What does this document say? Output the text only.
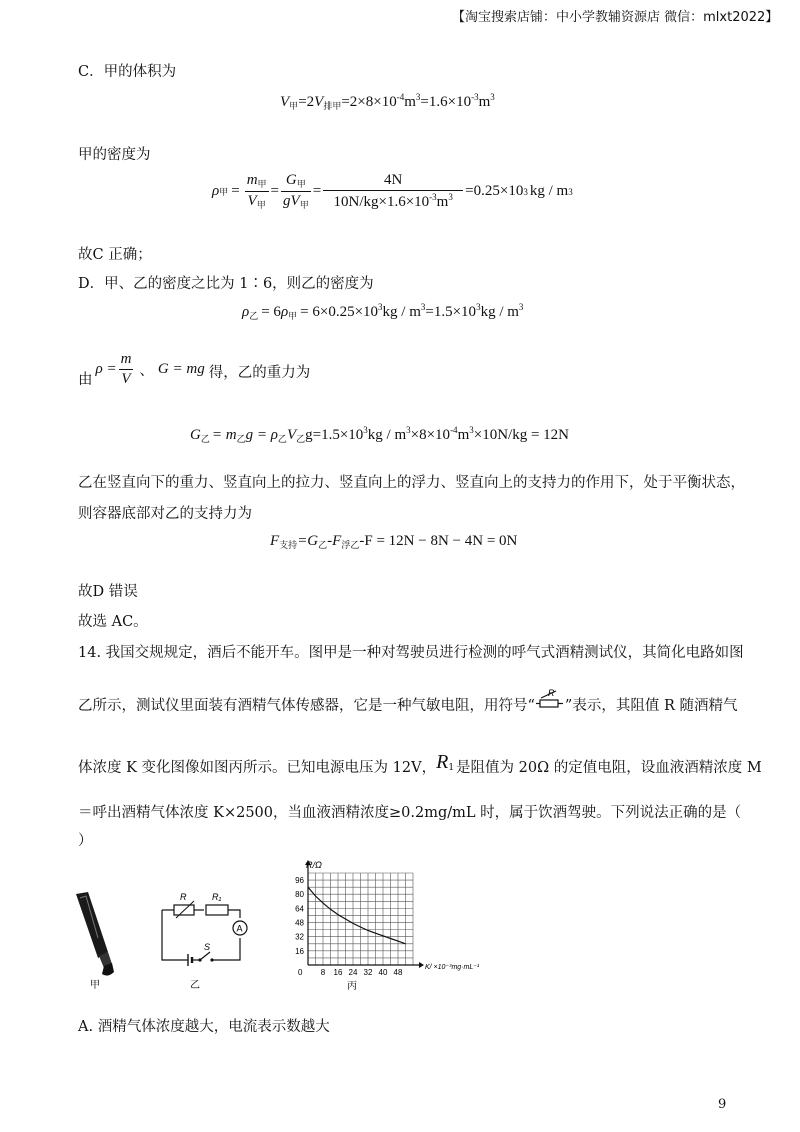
【淘宝搜索店铺：中小学教辅资源店 微信：mlxt2022】
C．甲的体积为
$V_甲=2V_{排甲}=2\times 8\times 10^{-4}m^3=1.6\times 10^{-3}m^3$
甲的密度为
ρ 甲 = $\frac{m_甲}{V_甲} = \frac{G_甲}{gV_甲} = \frac{4N}{10N/kg\times 1.6\times 10^{-3}m^3} =0.25\times 10$ 3 kg / m 3
故C 正确；
D．甲、乙的密度之比为 1∶6，则乙的密度为
$\rho_乙 = 6\rho_甲 = 6\times 0.25\times 10^3kg / m^3=1.5\times 10^3kg / m^3$
由
$\rho = \frac{m}{V}$ 、 G = mg 得，乙的重力为
$G_乙 = m_乙g = \rho_乙V_乙g=1.5\times 10^3kg / m^3\times 8\times 10^{-4}m^3\times 10N/kg = 12N$
乙在竖直向下的重力、竖直向上的拉力、竖直向上的浮力、竖直向上的支持力的作用下，处于平衡状态，
则容器底部对乙的支持力为
$F_{支持}=G_乙-F_{浮乙}-F = 12N - 8N - 4N = 0N$
故D 错误
故选 AC。
14. 我国交规规定，酒后不能开车。图甲是一种对驾驶员进行检测的呼气式酒精测试仪，其简化电路如图
乙所示，测试仪里面装有酒精气体传感器，它是一种气敏电阻，用符号“
R
”表示，其阻值 R 随酒精气
体浓度 K 变化图像如图丙所示。已知电源电压为 12V， R 1 是阻值为 20Ω 的定值电阻，设血液酒精浓度 M
＝呼出酒精气体浓度 K×2500，当血液酒精浓度≥0.2mg/mL 时，属于饮酒驾驶。下列说法正确的是（
）
甲
R	R₁
A
S
乙
96
80
64
48
32
16
8 16 24 32 40 48
R/Ω
K/ ×10⁻³mg·mL⁻¹
0
丙
A. 酒精气体浓度越大，电流表示数越大
9
